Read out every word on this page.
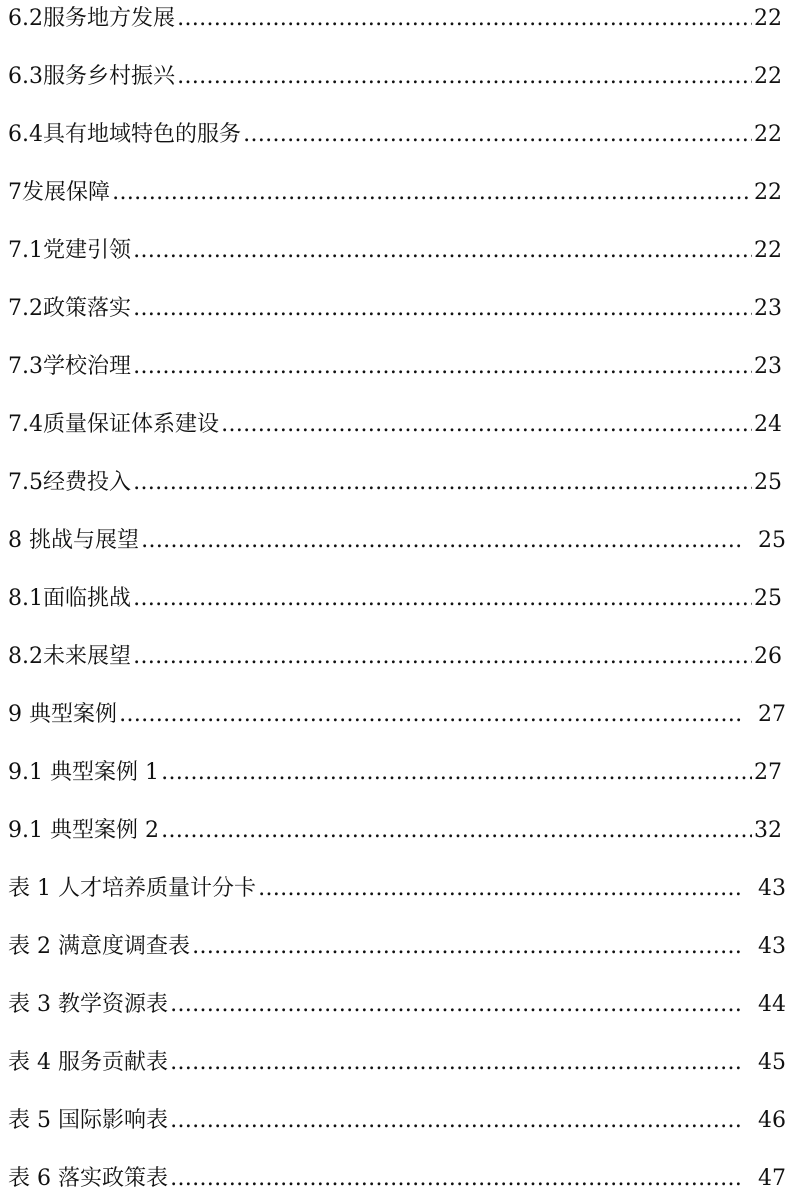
6.2服务地方发展 ……………………………………………………………………………………………………………………………………………………………………………………………………………………	22
6.3服务乡村振兴 ……………………………………………………………………………………………………………………………………………………………………………………………………………………	22
6.4具有地域特色的服务 ……………………………………………………………………………………………………………………………………………………………………………………………………………………	22
7发展保障 ……………………………………………………………………………………………………………………………………………………………………………………………………………………	22
7.1党建引领 ……………………………………………………………………………………………………………………………………………………………………………………………………………………	22
7.2政策落实 ……………………………………………………………………………………………………………………………………………………………………………………………………………………	23
7.3学校治理 ……………………………………………………………………………………………………………………………………………………………………………………………………………………	23
7.4质量保证体系建设 ……………………………………………………………………………………………………………………………………………………………………………………………………………………	24
7.5经费投入 ……………………………………………………………………………………………………………………………………………………………………………………………………………………	25
8 挑战与展望 ……………………………………………………………………………………………………………………………………………………………………………………………………………………	25
8.1面临挑战 ……………………………………………………………………………………………………………………………………………………………………………………………………………………	25
8.2未来展望 ……………………………………………………………………………………………………………………………………………………………………………………………………………………	26
9 典型案例 ……………………………………………………………………………………………………………………………………………………………………………………………………………………	27
9.1 典型案例 1 ……………………………………………………………………………………………………………………………………………………………………………………………………………………	27
9.1 典型案例 2 ……………………………………………………………………………………………………………………………………………………………………………………………………………………	32
表 1 人才培养质量计分卡 ……………………………………………………………………………………………………………………………………………………………………………………………………………………	43
表 2 满意度调查表 ……………………………………………………………………………………………………………………………………………………………………………………………………………………	43
表 3 教学资源表 ……………………………………………………………………………………………………………………………………………………………………………………………………………………	44
表 4 服务贡献表 ……………………………………………………………………………………………………………………………………………………………………………………………………………………	45
表 5 国际影响表 ……………………………………………………………………………………………………………………………………………………………………………………………………………………	46
表 6 落实政策表 ……………………………………………………………………………………………………………………………………………………………………………………………………………………	47
